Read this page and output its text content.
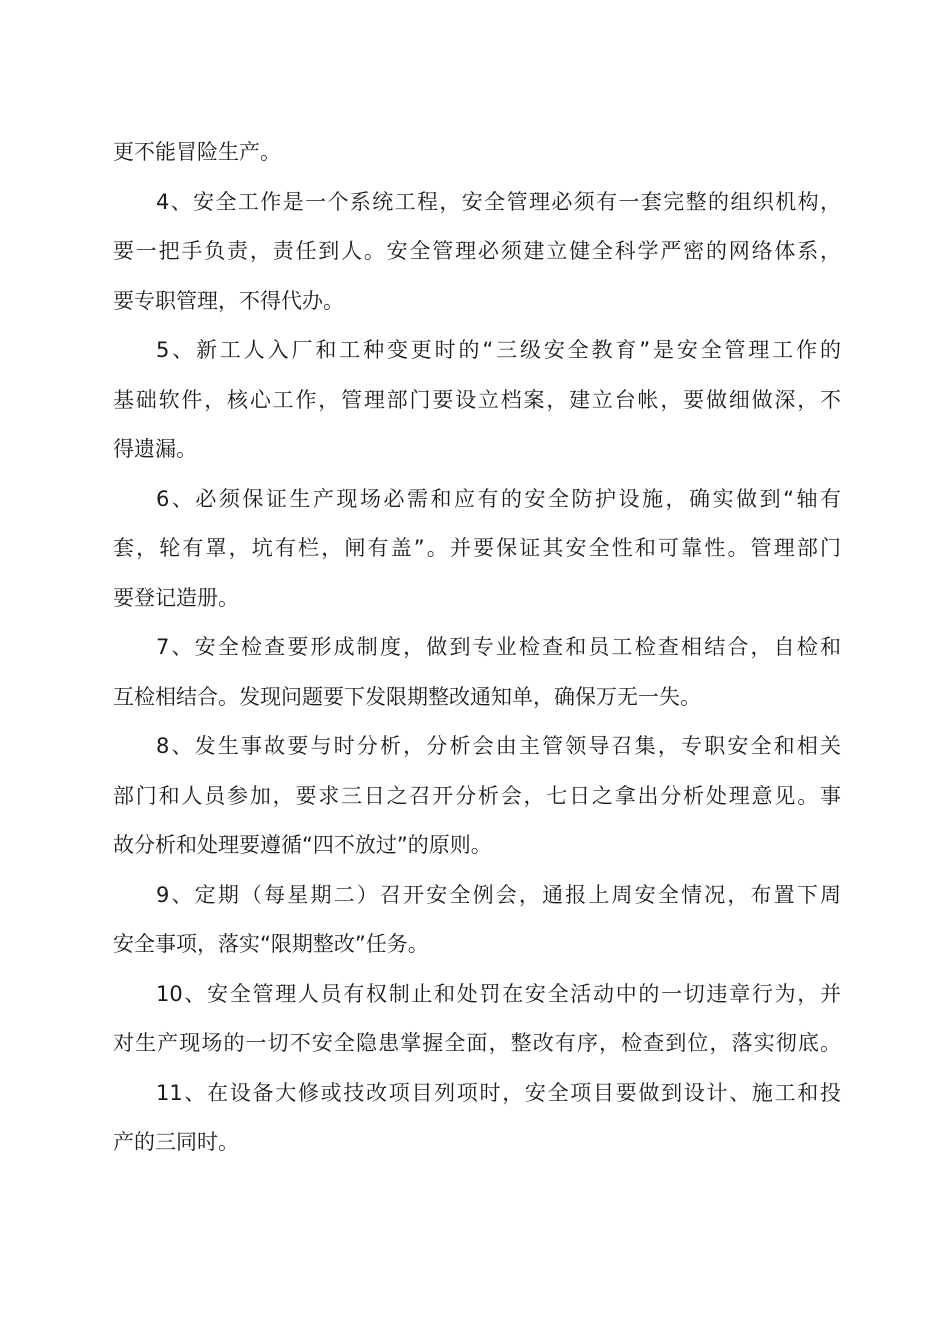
更不能冒险生产。
4、安全工作是一个系统工程，安全管理必须有一套完整的组织机构，
要一把手负责，责任到人。安全管理必须建立健全科学严密的网络体系，
要专职管理，不得代办。
5、新工人入厂和工种变更时的“三级安全教育”是安全管理工作的
基础软件，核心工作，管理部门要设立档案，建立台帐，要做细做深，不
得遗漏。
6、必须保证生产现场必需和应有的安全防护设施，确实做到“轴有
套，轮有罩，坑有栏，闸有盖”。并要保证其安全性和可靠性。管理部门
要登记造册。
7、安全检查要形成制度，做到专业检查和员工检查相结合，自检和
互检相结合。发现问题要下发限期整改通知单，确保万无一失。
8、发生事故要与时分析，分析会由主管领导召集，专职安全和相关
部门和人员参加，要求三日之召开分析会，七日之拿出分析处理意见。事
故分析和处理要遵循“四不放过”的原则。
9、定期（每星期二）召开安全例会，通报上周安全情况，布置下周
安全事项，落实“限期整改”任务。
10、安全管理人员有权制止和处罚在安全活动中的一切违章行为，并
对生产现场的一切不安全隐患掌握全面，整改有序，检查到位，落实彻底。
11、在设备大修或技改项目列项时，安全项目要做到设计、施工和投
产的三同时。
